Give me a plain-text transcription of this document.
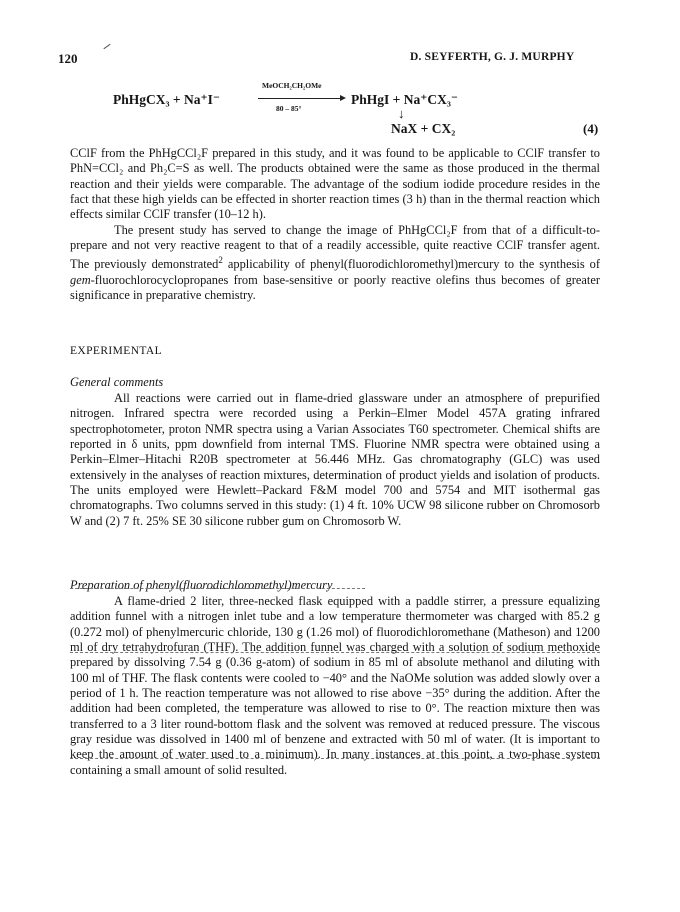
120	D. SEYFERTH, G. J. MURPHY
PhHgCX₃ + Na⁺I⁻
MeOCH₂CH₂OMe
80 – 85°
PhHgI + Na⁺CX₃⁻
↓
NaX + CX₂	(4)

CClF from the PhHgCCl₂F prepared in this study, and it was found to be applicable to CClF transfer to PhN=CCl₂ and Ph₂C=S as well. The products obtained were the same as those produced in the thermal reaction and their yields were comparable. The advantage of the sodium iodide procedure resides in the fact that these high yields can be effected in shorter reaction times (3 h) than in the thermal reaction which effects similar CClF transfer (10–12 h).

The present study has served to change the image of PhHgCCl₂F from that of a difficult-to-prepare and not very reactive reagent to that of a readily accessible, quite reactive CClF transfer agent. The previously demonstrated$^2$ applicability of phenyl(fluorodichloromethyl)mercury to the synthesis of gem-fluorochlorocyclopropanes from base-sensitive or poorly reactive olefins thus becomes of greater significance in preparative chemistry.

EXPERIMENTAL
General comments

All reactions were carried out in flame-dried glassware under an atmosphere of prepurified nitrogen. Infrared spectra were recorded using a Perkin–Elmer Model 457A grating infrared spectrophotometer, proton NMR spectra using a Varian Associates T60 spectrometer. Chemical shifts are reported in δ units, ppm downfield from internal TMS. Fluorine NMR spectra were obtained using a Perkin–Elmer–Hitachi R20B spectrometer at 56.446 MHz. Gas chromatography (GLC) was used extensively in the analyses of reaction mixtures, determination of product yields and isolation of products. The units employed were Hewlett–Packard F&M model 700 and 5754 and MIT isothermal gas chromatographs. Two columns served in this study: (1) 4 ft. 10% UCW 98 silicone rubber on Chromosorb W and (2) 7 ft. 25% SE 30 silicone rubber gum on Chromosorb W.

Preparation of phenyl(fluorodichloromethyl)mercury

A flame-dried 2 liter, three-necked flask equipped with a paddle stirrer, a pressure equalizing addition funnel with a nitrogen inlet tube and a low temperature thermometer was charged with 85.2 g (0.272 mol) of phenylmercuric chloride, 130 g (1.26 mol) of fluorodichloromethane (Matheson) and 1200 ml of dry tetrahydrofuran (THF). The addition funnel was charged with a solution of sodium methoxide prepared by dissolving 7.54 g (0.36 g-atom) of sodium in 85 ml of absolute methanol and diluting with 100 ml of THF. The flask contents were cooled to −40° and the NaOMe solution was added slowly over a period of 1 h. The reaction temperature was not allowed to rise above −35° during the addition. After the addition had been completed, the temperature was allowed to rise to 0°. The reaction mixture then was transferred to a 3 liter round-bottom flask and the solvent was removed at reduced pressure. The viscous gray residue was dissolved in 1400 ml of benzene and extracted with 50 ml of water. (It is important to keep the amount of water used to a minimum). In many instances at this point, a two-phase system containing a small amount of solid resulted.
